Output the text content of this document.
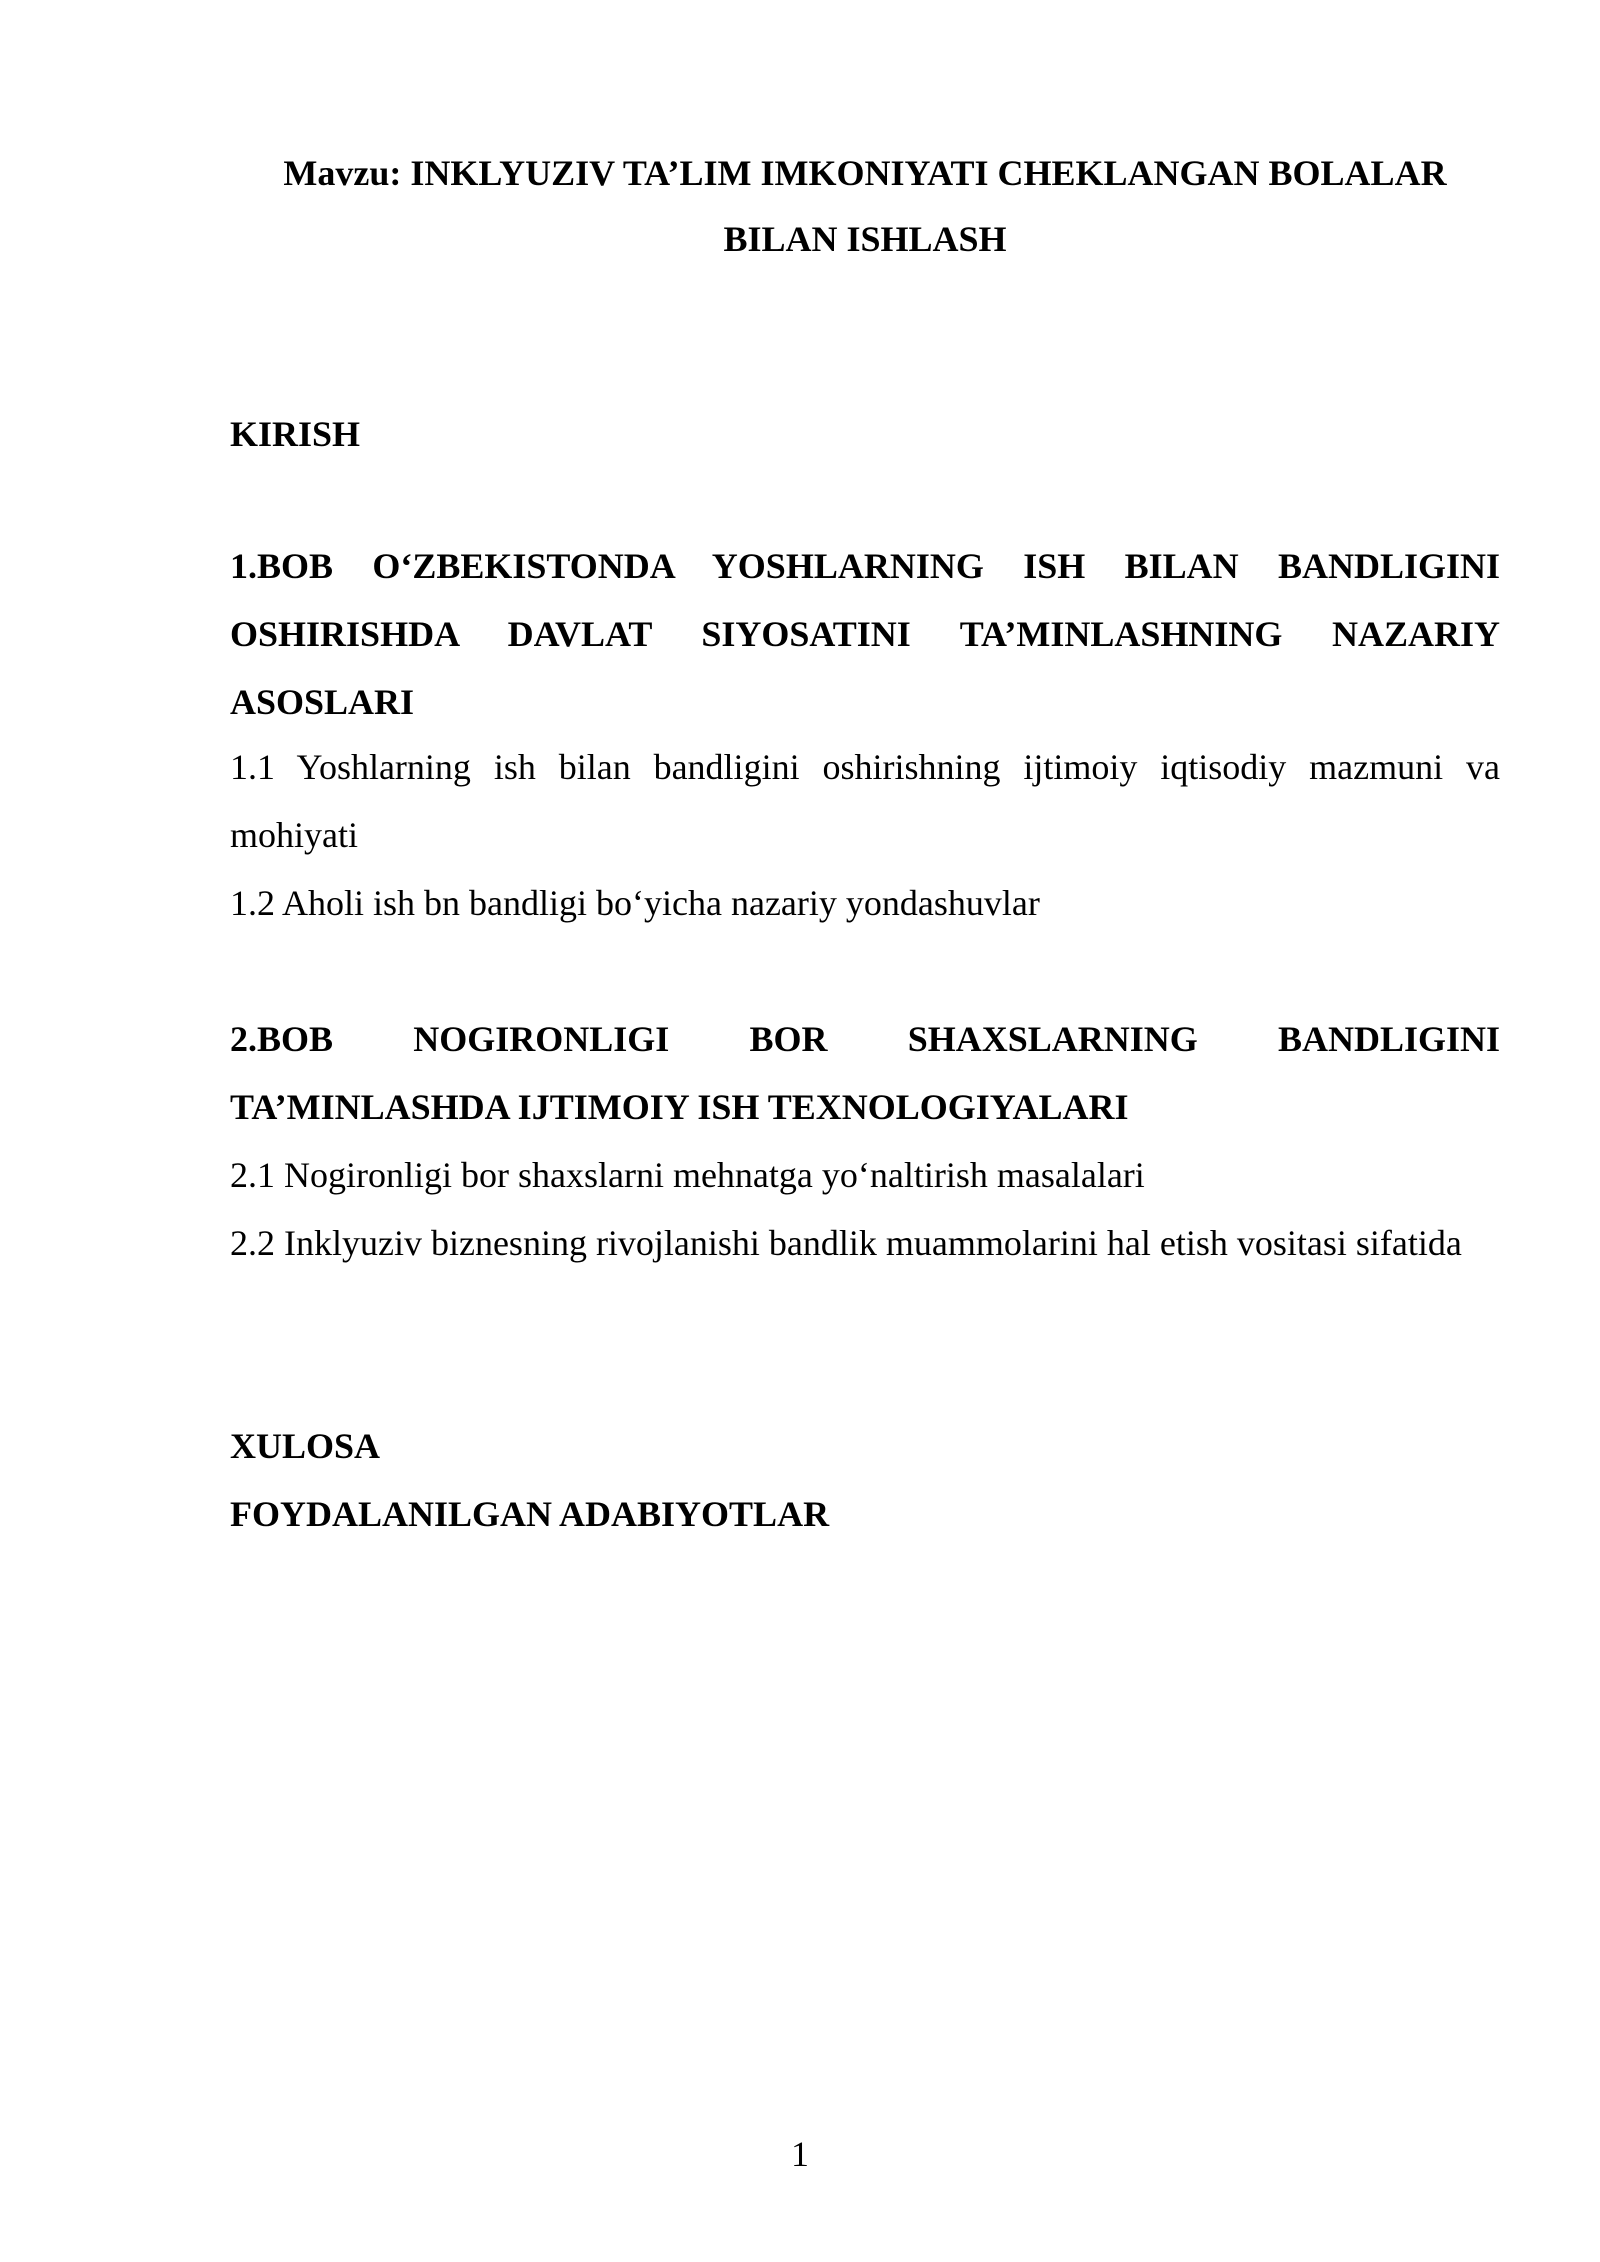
Mavzu: INKLYUZIV TA’LIM IMKONIYATI CHEKLANGAN BOLALAR BILAN ISHLASH

KIRISH

1.BOB O‘ZBEKISTONDA YOSHLARNING ISH BILAN BANDLIGINI OSHIRISHDA DAVLAT SIYOSATINI TA’MINLASHNING NAZARIY ASOSLARI

1.1 Yoshlarning ish bilan bandligini oshirishning ijtimoiy iqtisodiy mazmuni va mohiyati

1.2 Aholi ish bn bandligi bo‘yicha nazariy yondashuvlar

2.BOB NOGIRONLIGI BOR SHAXSLARNING BANDLIGINI

TA’MINLASHDA IJTIMOIY ISH TEXNOLOGIYALARI

2.1 Nogironligi bor shaxslarni mehnatga yo‘naltirish masalalari

2.2 Inklyuziv biznesning rivojlanishi bandlik muammolarini hal etish vositasi sifatida

XULOSA

FOYDALANILGAN ADABIYOTLAR

1
